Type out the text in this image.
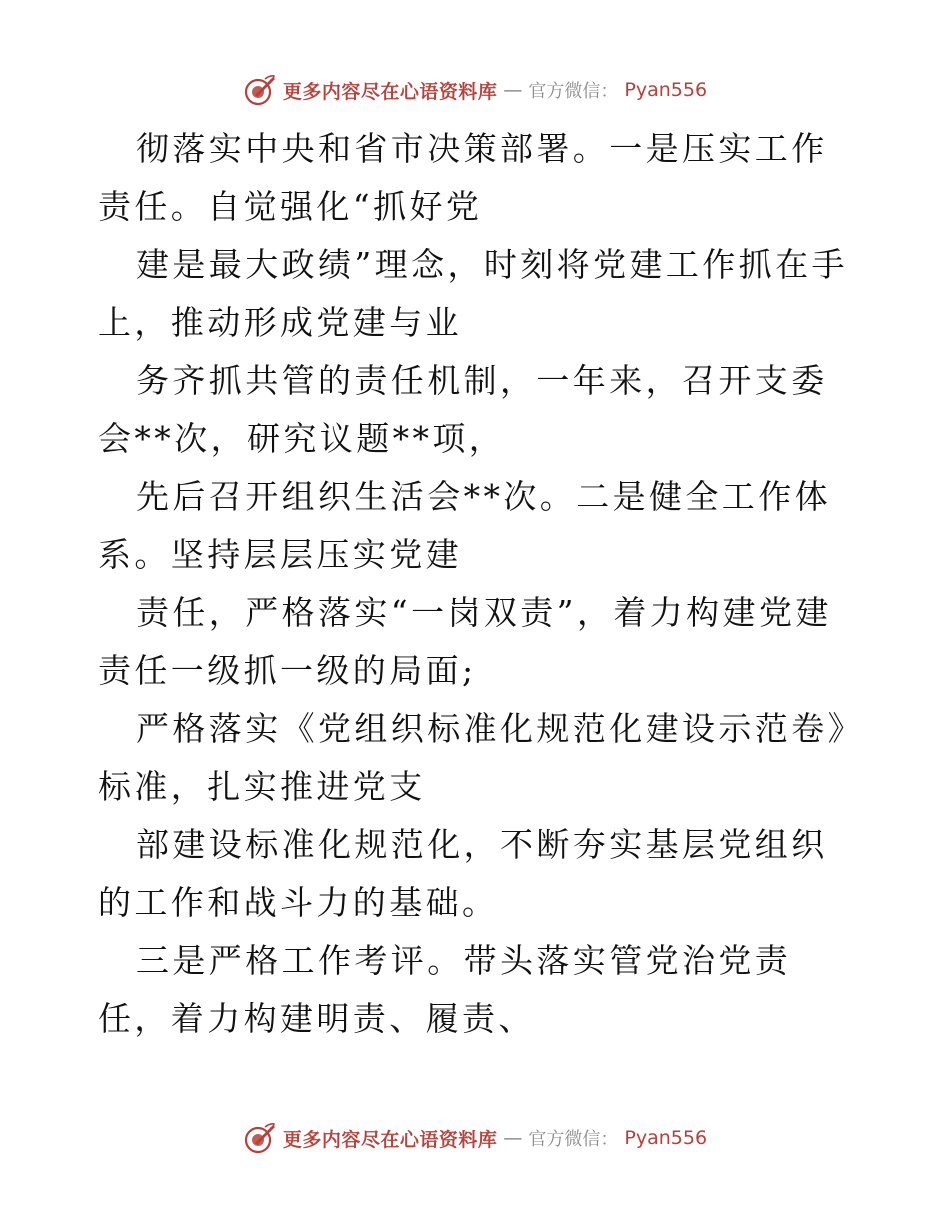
更多内容尽在心语资料库 — 官方微信： Pyan556

彻落实中央和省市决策部署。一是压实工作责任。自觉强化“抓好党

建是最大政绩”理念，时刻将党建工作抓在手上，推动形成党建与业

务齐抓共管的责任机制，一年来，召开支委会**次，研究议题**项，

先后召开组织生活会**次。二是健全工作体系。坚持层层压实党建

责任，严格落实“一岗双责”，着力构建党建责任一级抓一级的局面;

严格落实《党组织标准化规范化建设示范卷》标准，扎实推进党支

部建设标准化规范化，不断夯实基层党组织的工作和战斗力的基础。

三是严格工作考评。带头落实管党治党责任，着力构建明责、履责、

更多内容尽在心语资料库 — 官方微信： Pyan556
